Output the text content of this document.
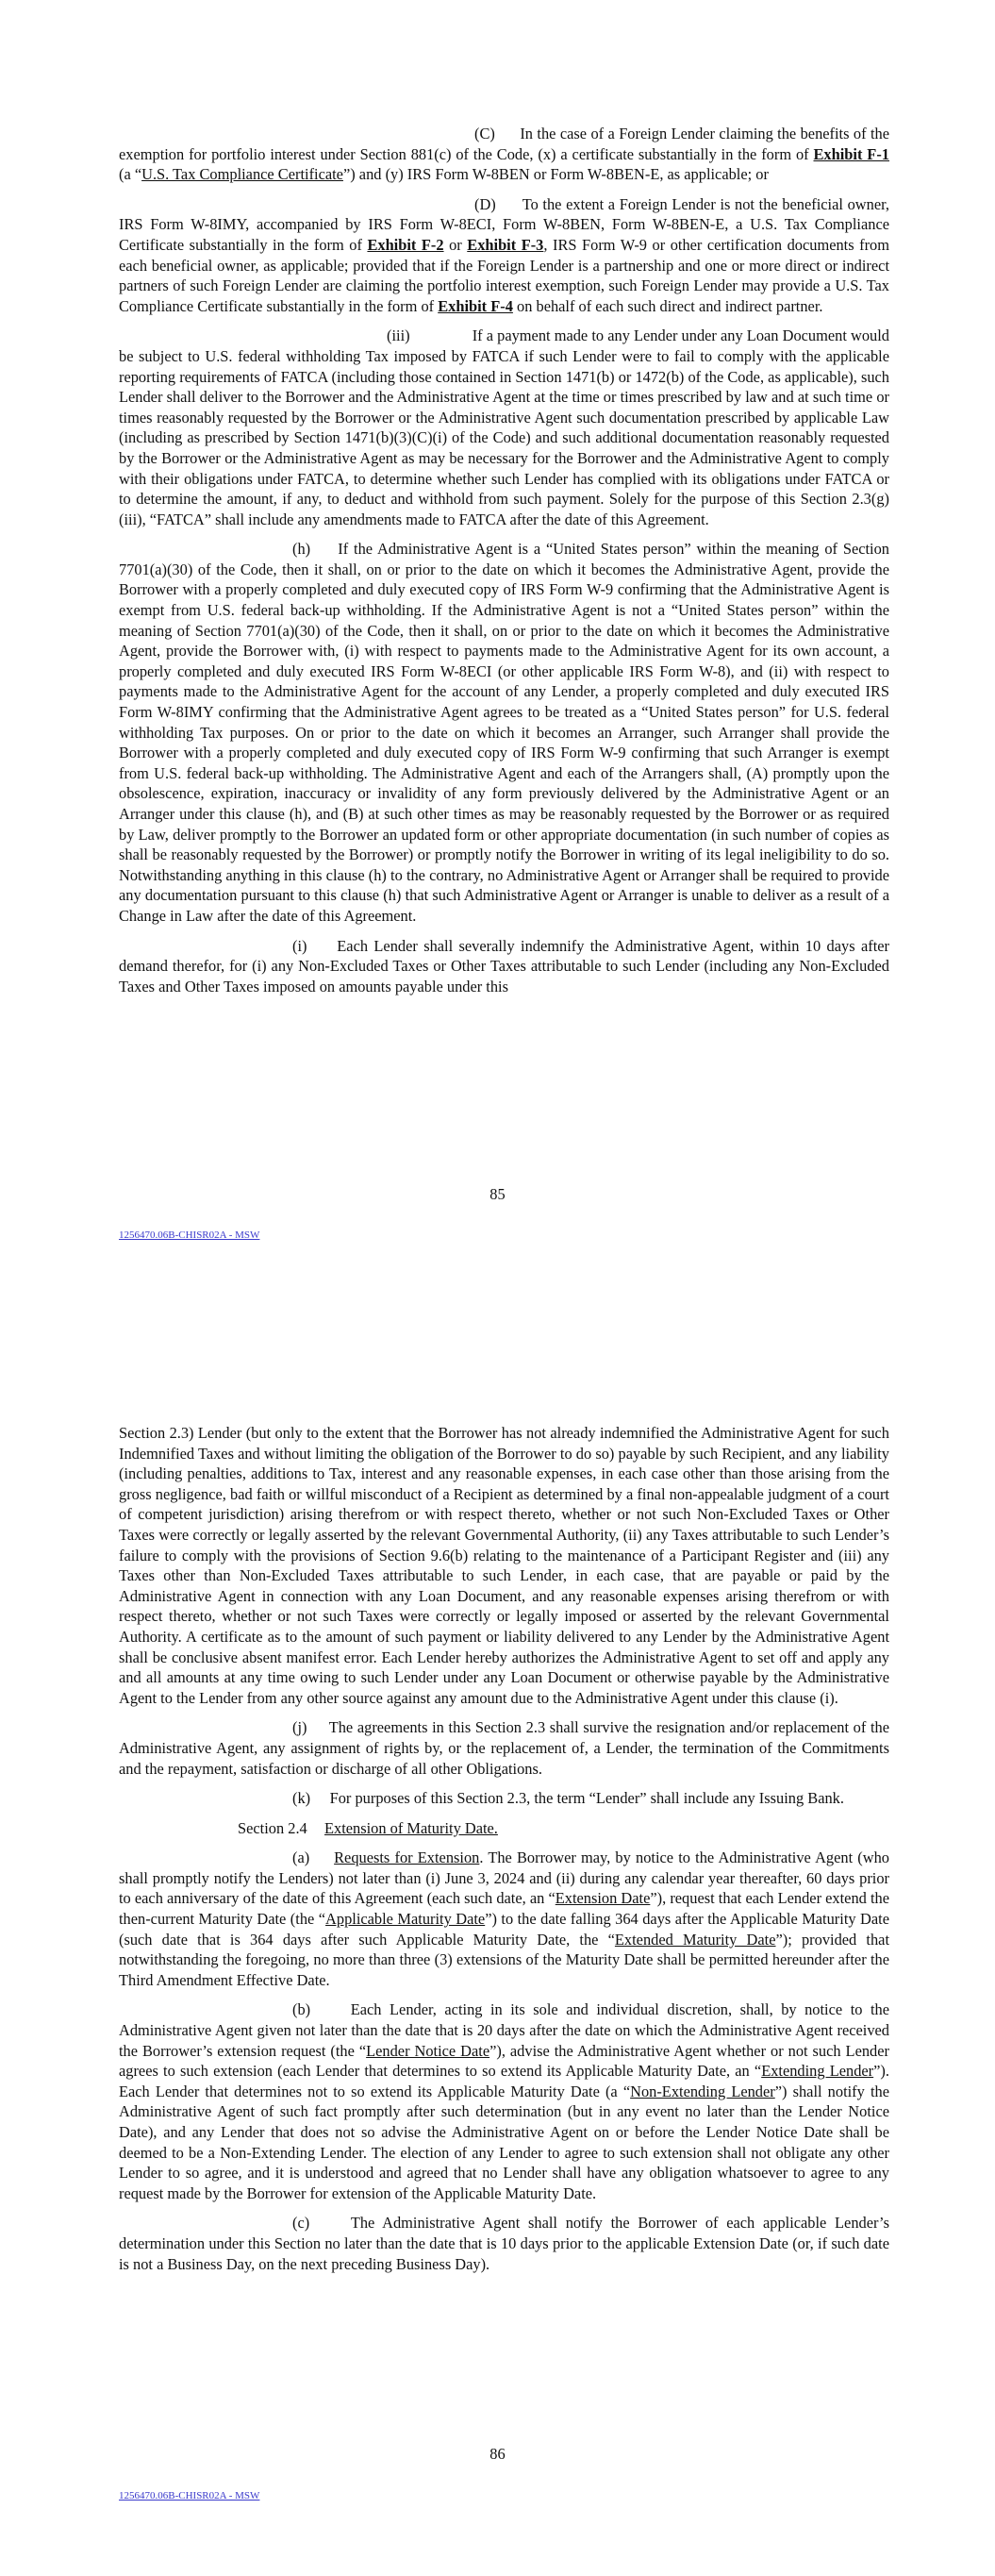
(C) In the case of a Foreign Lender claiming the benefits of the exemption for portfolio interest under Section 881(c) of the Code, (x) a certificate substantially in the form of Exhibit F-1 (a “U.S. Tax Compliance Certificate”) and (y) IRS Form W-8BEN or Form W-8BEN-E, as applicable; or

(D) To the extent a Foreign Lender is not the beneficial owner, IRS Form W-8IMY, accompanied by IRS Form W-8ECI, Form W-8BEN, Form W-8BEN-E, a U.S. Tax Compliance Certificate substantially in the form of Exhibit F-2 or Exhibit F-3, IRS Form W-9 or other certification documents from each beneficial owner, as applicable; provided that if the Foreign Lender is a partnership and one or more direct or indirect partners of such Foreign Lender are claiming the portfolio interest exemption, such Foreign Lender may provide a U.S. Tax Compliance Certificate substantially in the form of Exhibit F-4 on behalf of each such direct and indirect partner.

(iii)	If a payment made to any Lender under any Loan Document would be subject to U.S. federal withholding Tax imposed by FATCA if such Lender were to fail to comply with the applicable reporting requirements of FATCA (including those contained in Section 1471(b) or 1472(b) of the Code, as applicable), such Lender shall deliver to the Borrower and the Administrative Agent at the time or times prescribed by law and at such time or times reasonably requested by the Borrower or the Administrative Agent such documentation prescribed by applicable Law (including as prescribed by Section 1471(b)(3)(C)(i) of the Code) and such additional documentation reasonably requested by the Borrower or the Administrative Agent as may be necessary for the Borrower and the Administrative Agent to comply with their obligations under FATCA, to determine whether such Lender has complied with its obligations under FATCA or to determine the amount, if any, to deduct and withhold from such payment. Solely for the purpose of this Section 2.3(g)(iii), “FATCA” shall include any amendments made to FATCA after the date of this Agreement.

(h) If the Administrative Agent is a “United States person” within the meaning of Section 7701(a)(30) of the Code, then it shall, on or prior to the date on which it becomes the Administrative Agent, provide the Borrower with a properly completed and duly executed copy of IRS Form W-9 confirming that the Administrative Agent is exempt from U.S. federal back-up withholding. If the Administrative Agent is not a “United States person” within the meaning of Section 7701(a)(30) of the Code, then it shall, on or prior to the date on which it becomes the Administrative Agent, provide the Borrower with, (i) with respect to payments made to the Administrative Agent for its own account, a properly completed and duly executed IRS Form W-8ECI (or other applicable IRS Form W-8), and (ii) with respect to payments made to the Administrative Agent for the account of any Lender, a properly completed and duly executed IRS Form W-8IMY confirming that the Administrative Agent agrees to be treated as a “United States person” for U.S. federal withholding Tax purposes. On or prior to the date on which it becomes an Arranger, such Arranger shall provide the Borrower with a properly completed and duly executed copy of IRS Form W-9 confirming that such Arranger is exempt from U.S. federal back-up withholding. The Administrative Agent and each of the Arrangers shall, (A) promptly upon the obsolescence, expiration, inaccuracy or invalidity of any form previously delivered by the Administrative Agent or an Arranger under this clause (h), and (B) at such other times as may be reasonably requested by the Borrower or as required by Law, deliver promptly to the Borrower an updated form or other appropriate documentation (in such number of copies as shall be reasonably requested by the Borrower) or promptly notify the Borrower in writing of its legal ineligibility to do so. Notwithstanding anything in this clause (h) to the contrary, no Administrative Agent or Arranger shall be required to provide any documentation pursuant to this clause (h) that such Administrative Agent or Arranger is unable to deliver as a result of a Change in Law after the date of this Agreement.

(i) Each Lender shall severally indemnify the Administrative Agent, within 10 days after demand therefor, for (i) any Non-Excluded Taxes or Other Taxes attributable to such Lender (including any Non-Excluded Taxes and Other Taxes imposed on amounts payable under this

85
1256470.06B-CHISR02A - MSW

Section 2.3) Lender (but only to the extent that the Borrower has not already indemnified the Administrative Agent for such Indemnified Taxes and without limiting the obligation of the Borrower to do so) payable by such Recipient, and any liability (including penalties, additions to Tax, interest and any reasonable expenses, in each case other than those arising from the gross negligence, bad faith or willful misconduct of a Recipient as determined by a final non-appealable judgment of a court of competent jurisdiction) arising therefrom or with respect thereto, whether or not such Non-Excluded Taxes or Other Taxes were correctly or legally asserted by the relevant Governmental Authority, (ii) any Taxes attributable to such Lender’s failure to comply with the provisions of Section 9.6(b) relating to the maintenance of a Participant Register and (iii) any Taxes other than Non-Excluded Taxes attributable to such Lender, in each case, that are payable or paid by the Administrative Agent in connection with any Loan Document, and any reasonable expenses arising therefrom or with respect thereto, whether or not such Taxes were correctly or legally imposed or asserted by the relevant Governmental Authority. A certificate as to the amount of such payment or liability delivered to any Lender by the Administrative Agent shall be conclusive absent manifest error. Each Lender hereby authorizes the Administrative Agent to set off and apply any and all amounts at any time owing to such Lender under any Loan Document or otherwise payable by the Administrative Agent to the Lender from any other source against any amount due to the Administrative Agent under this clause (i).

(j) The agreements in this Section 2.3 shall survive the resignation and/or replacement of the Administrative Agent, any assignment of rights by, or the replacement of, a Lender, the termination of the Commitments and the repayment, satisfaction or discharge of all other Obligations.

(k) For purposes of this Section 2.3, the term “Lender” shall include any Issuing Bank.

Section 2.4 Extension of Maturity Date.

(a) Requests for Extension. The Borrower may, by notice to the Administrative Agent (who shall promptly notify the Lenders) not later than (i) June 3, 2024 and (ii) during any calendar year thereafter, 60 days prior to each anniversary of the date of this Agreement (each such date, an “Extension Date”), request that each Lender extend the then-current Maturity Date (the “Applicable Maturity Date”) to the date falling 364 days after the Applicable Maturity Date (such date that is 364 days after such Applicable Maturity Date, the “Extended Maturity Date”); provided that notwithstanding the foregoing, no more than three (3) extensions of the Maturity Date shall be permitted hereunder after the Third Amendment Effective Date.

(b)	Each Lender, acting in its sole and individual discretion, shall, by notice to the Administrative Agent given not later than the date that is 20 days after the date on which the Administrative Agent received the Borrower’s extension request (the “Lender Notice Date”), advise the Administrative Agent whether or not such Lender agrees to such extension (each Lender that determines to so extend its Applicable Maturity Date, an “Extending Lender”). Each Lender that determines not to so extend its Applicable Maturity Date (a “Non-Extending Lender”) shall notify the Administrative Agent of such fact promptly after such determination (but in any event no later than the Lender Notice Date), and any Lender that does not so advise the Administrative Agent on or before the Lender Notice Date shall be deemed to be a Non-Extending Lender. The election of any Lender to agree to such extension shall not obligate any other Lender to so agree, and it is understood and agreed that no Lender shall have any obligation whatsoever to agree to any request made by the Borrower for extension of the Applicable Maturity Date.

(c)	The Administrative Agent shall notify the Borrower of each applicable Lender’s determination under this Section no later than the date that is 10 days prior to the applicable Extension Date (or, if such date is not a Business Day, on the next preceding Business Day).

86
1256470.06B-CHISR02A - MSW
